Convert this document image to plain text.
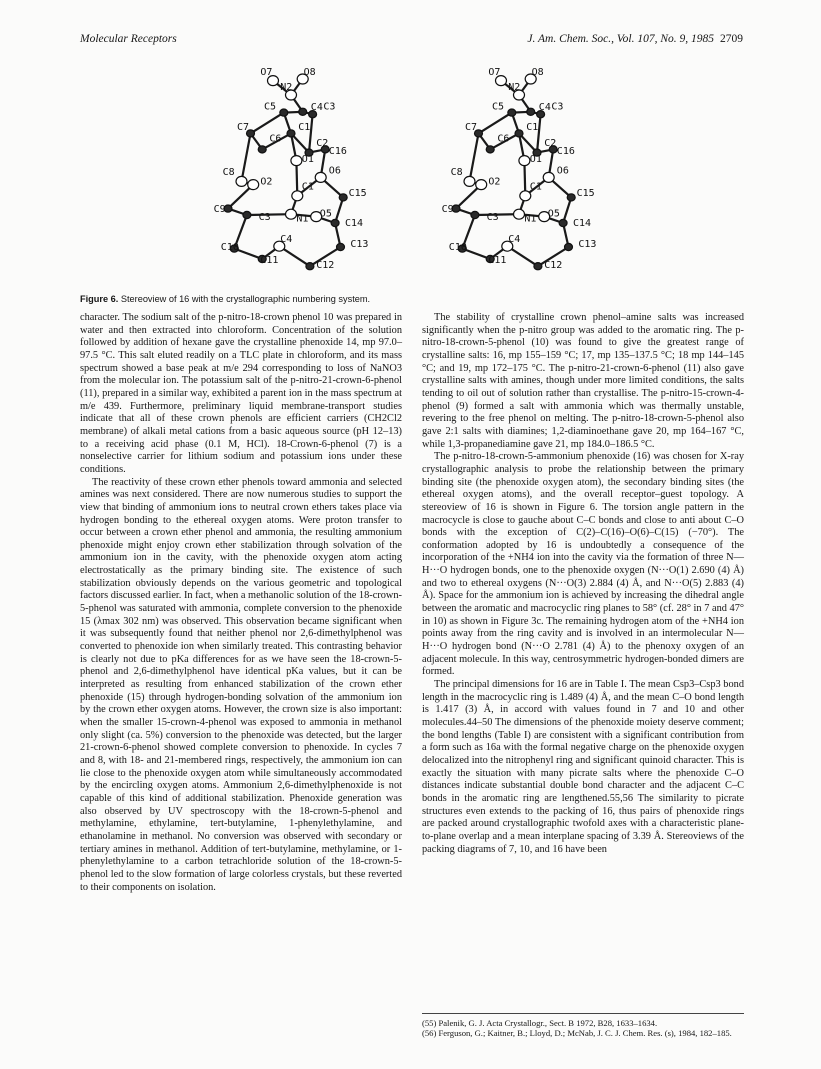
Molecular Receptors	J. Am. Chem. Soc., Vol. 107, No. 9, 1985 2709
O7	O8
N2
C5	C4 C3
C7	C1
C6	C2
C16
O1
C8
O2
O6
C9
C1
C15
C3	N1 O5
C14
C10
C4	C13
C11	C12
Figure 6. Stereoview of 16 with the crystallographic numbering system.

character. The sodium salt of the p-nitro-18-crown phenol 10 was prepared in water and then extracted into chloroform. Concentration of the solution followed by addition of hexane gave the crystalline phenoxide 14, mp 97.0–97.5 °C. This salt eluted readily on a TLC plate in chloroform, and its mass spectrum showed a base peak at m/e 294 corresponding to loss of NaNO3 from the molecular ion. The potassium salt of the p-nitro-21-crown-6-phenol (11), prepared in a similar way, exhibited a parent ion in the mass spectrum at m/e 439. Furthermore, preliminary liquid membrane-transport studies indicate that all of these crown phenols are efficient carriers (CH2Cl2 membrane) of alkali metal cations from a basic aqueous source (pH 12–13) to a receiving acid phase (0.1 M, HCl). 18-Crown-6-phenol (7) is a nonselective carrier for lithium sodium and potassium ions under these conditions.

The reactivity of these crown ether phenols toward ammonia and selected amines was next considered. There are now numerous studies to support the view that binding of ammonium ions to neutral crown ethers takes place via hydrogen bonding to the ethereal oxygen atoms. Were proton transfer to occur between a crown ether phenol and ammonia, the resulting ammonium phenoxide might enjoy crown ether stabilization through solvation of the ammonium ion in the cavity, with the phenoxide oxygen atom acting electrostatically as the primary binding site. The existence of such stabilization obviously depends on the various geometric and topological factors discussed earlier. In fact, when a methanolic solution of the 18-crown-5-phenol was saturated with ammonia, complete conversion to the phenoxide 15 (λmax 302 nm) was observed. This observation became significant when it was subsequently found that neither phenol nor 2,6-dimethylphenol was converted to phenoxide ion when similarly treated. This contrasting behavior is clearly not due to pKa differences for as we have seen the 18-crown-5-phenol and 2,6-dimethylphenol have identical pKa values, but it can be interpreted as resulting from enhanced stabilization of the crown ether phenoxide (15) through hydrogen-bonding solvation of the ammonium ion by the crown ether oxygen atoms. However, the crown size is also important: when the smaller 15-crown-4-phenol was exposed to ammonia in methanol only slight (ca. 5%) conversion to the phenoxide was detected, but the larger 21-crown-6-phenol showed complete conversion to phenoxide. In cycles 7 and 8, with 18- and 21-membered rings, respectively, the ammonium ion can lie close to the phenoxide oxygen atom while simultaneously accommodated by the encircling oxygen atoms. Ammonium 2,6-dimethylphenoxide is not capable of this kind of additional stabilization. Phenoxide generation was also observed by UV spectroscopy with the 18-crown-5-phenol and methylamine, ethylamine, tert-butylamine, 1-phenylethylamine, and ethanolamine in methanol. No conversion was observed with secondary or tertiary amines in methanol. Addition of tert-butylamine, methylamine, or 1-phenylethylamine to a carbon tetrachloride solution of the 18-crown-5-phenol led to the slow formation of large colorless crystals, but these reverted to their components on isolation.

The stability of crystalline crown phenol–amine salts was increased significantly when the p-nitro group was added to the aromatic ring. The p-nitro-18-crown-5-phenol (10) was found to give the greatest range of crystalline salts: 16, mp 155–159 °C; 17, mp 135–137.5 °C; 18 mp 144–145 °C; and 19, mp 172–175 °C. The p-nitro-21-crown-6-phenol (11) also gave crystalline salts with amines, though under more limited conditions, the salts tending to oil out of solution rather than crystallise. The p-nitro-15-crown-4-phenol (9) formed a salt with ammonia which was thermally unstable, revering to the free phenol on melting. The p-nitro-18-crown-5-phenol also gave 2:1 salts with diamines; 1,2-diaminoethane gave 20, mp 164–167 °C, while 1,3-propanediamine gave 21, mp 184.0–186.5 °C.

The p-nitro-18-crown-5-ammonium phenoxide (16) was chosen for X-ray crystallographic analysis to probe the relationship between the primary binding site (the phenoxide oxygen atom), the secondary binding sites (the ethereal oxygen atoms), and the overall receptor–guest topology. A stereoview of 16 is shown in Figure 6. The torsion angle pattern in the macrocycle is close to gauche about C–C bonds and close to anti about C–O bonds with the exception of C(2)–C(16)–O(6)–C(15) (−70°). The conformation adopted by 16 is undoubtedly a consequence of the incorporation of the +NH4 ion into the cavity via the formation of three N—H···O hydrogen bonds, one to the phenoxide oxygen (N···O(1) 2.690 (4) Å) and two to ethereal oxygens (N···O(3) 2.884 (4) Å, and N···O(5) 2.883 (4) Å). Space for the ammonium ion is achieved by increasing the dihedral angle between the aromatic and macrocyclic ring planes to 58° (cf. 28° in 7 and 47° in 10) as shown in Figure 3c. The remaining hydrogen atom of the +NH4 ion points away from the ring cavity and is involved in an intermolecular N—H···O hydrogen bond (N···O 2.781 (4) Å) to the phenoxy oxygen of an adjacent molecule. In this way, centrosymmetric hydrogen-bonded dimers are formed.

The principal dimensions for 16 are in Table I. The mean Csp3–Csp3 bond length in the macrocyclic ring is 1.489 (4) Å, and the mean C–O bond length is 1.417 (3) Å, in accord with values found in 7 and 10 and other molecules.44–50 The dimensions of the phenoxide moiety deserve comment; the bond lengths (Table I) are consistent with a significant contribution from a form such as 16a with the formal negative charge on the phenoxide oxygen delocalized into the nitrophenyl ring and significant quinoid character. This is exactly the situation with many picrate salts where the phenoxide C–O distances indicate substantial double bond character and the adjacent C–C bonds in the aromatic ring are lengthened.55,56 The similarity to picrate structures even extends to the packing of 16, thus pairs of phenoxide rings are packed around crystallographic twofold axes with a characteristic plane-to-plane overlap and a mean interplane spacing of 3.39 Å. Stereoviews of the packing diagrams of 7, 10, and 16 have been

(55) Palenik, G. J. Acta Crystallogr., Sect. B 1972, B28, 1633–1634.
(56) Ferguson, G.; Kaitner, B.; Lloyd, D.; McNab, J. C. J. Chem. Res. (s), 1984, 182–185.
